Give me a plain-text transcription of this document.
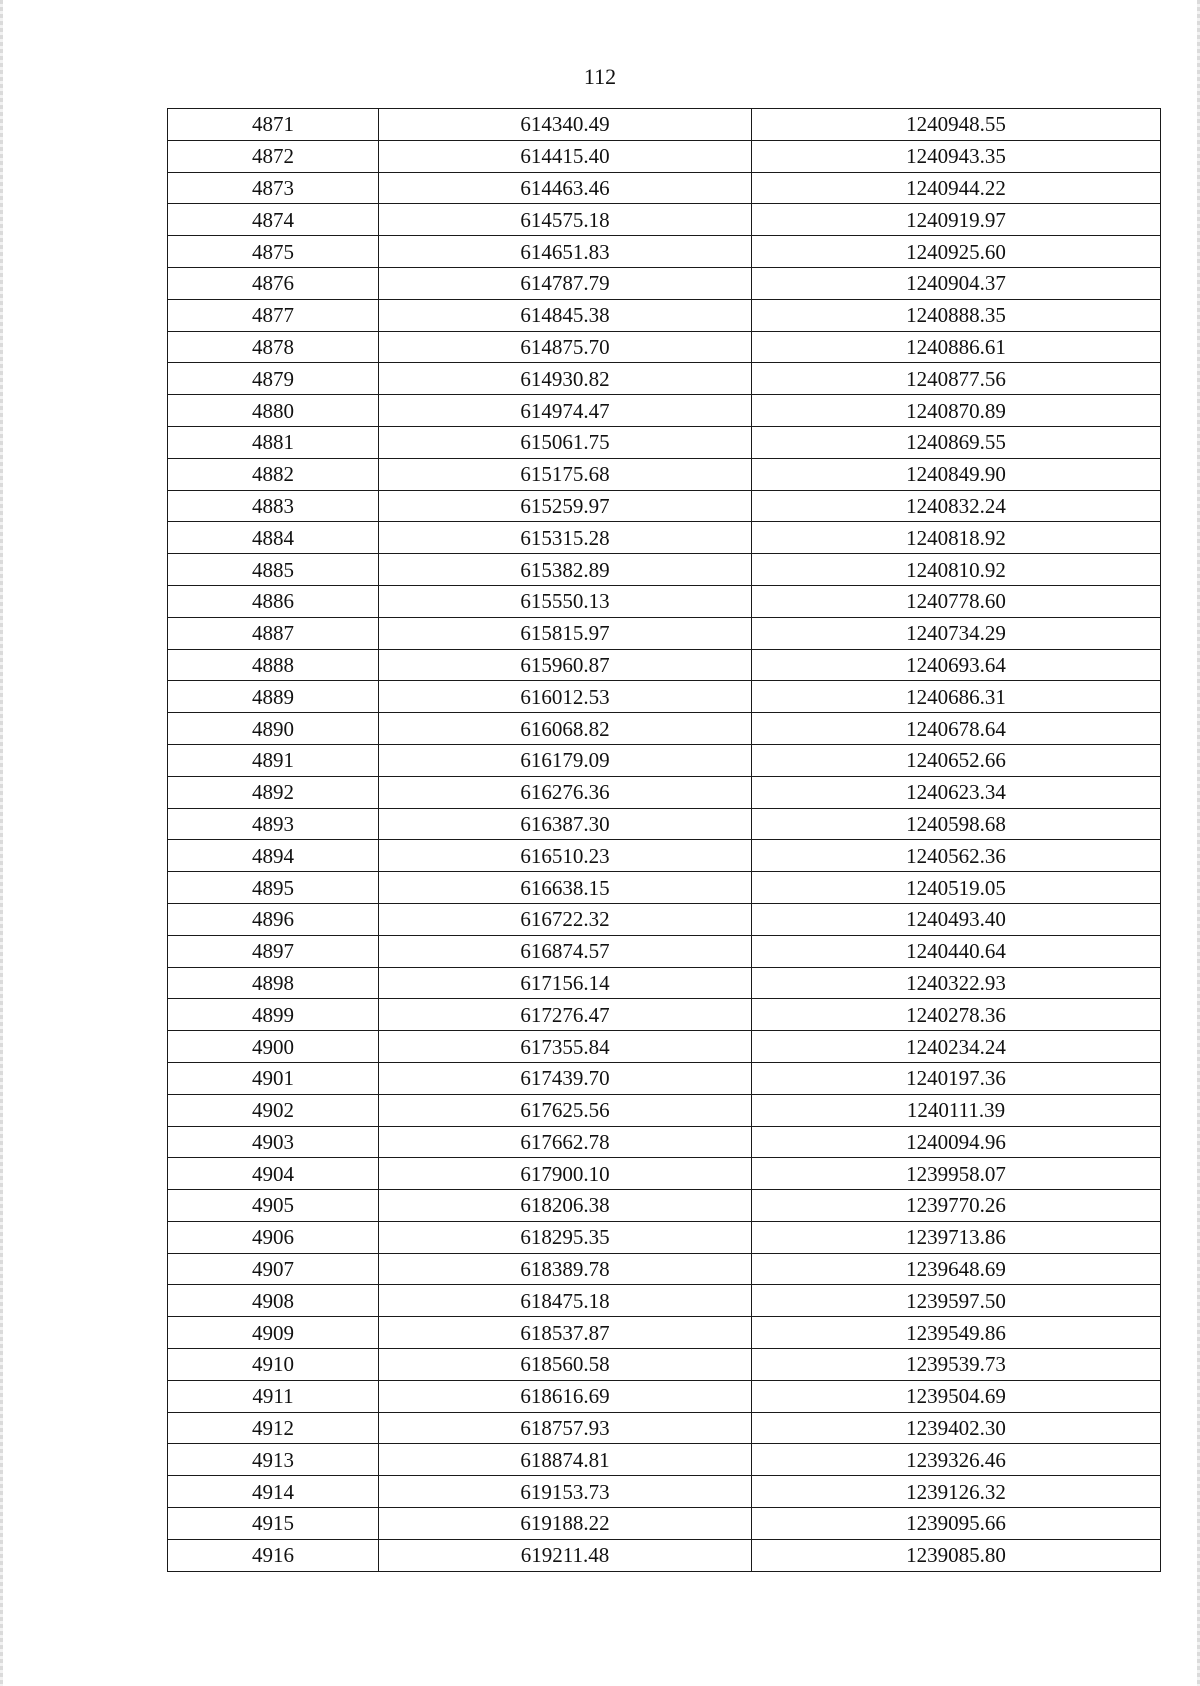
112
4871	614340.49	1240948.55
4872	614415.40	1240943.35
4873	614463.46	1240944.22
4874	614575.18	1240919.97
4875	614651.83	1240925.60
4876	614787.79	1240904.37
4877	614845.38	1240888.35
4878	614875.70	1240886.61
4879	614930.82	1240877.56
4880	614974.47	1240870.89
4881	615061.75	1240869.55
4882	615175.68	1240849.90
4883	615259.97	1240832.24
4884	615315.28	1240818.92
4885	615382.89	1240810.92
4886	615550.13	1240778.60
4887	615815.97	1240734.29
4888	615960.87	1240693.64
4889	616012.53	1240686.31
4890	616068.82	1240678.64
4891	616179.09	1240652.66
4892	616276.36	1240623.34
4893	616387.30	1240598.68
4894	616510.23	1240562.36
4895	616638.15	1240519.05
4896	616722.32	1240493.40
4897	616874.57	1240440.64
4898	617156.14	1240322.93
4899	617276.47	1240278.36
4900	617355.84	1240234.24
4901	617439.70	1240197.36
4902	617625.56	1240111.39
4903	617662.78	1240094.96
4904	617900.10	1239958.07
4905	618206.38	1239770.26
4906	618295.35	1239713.86
4907	618389.78	1239648.69
4908	618475.18	1239597.50
4909	618537.87	1239549.86
4910	618560.58	1239539.73
4911	618616.69	1239504.69
4912	618757.93	1239402.30
4913	618874.81	1239326.46
4914	619153.73	1239126.32
4915	619188.22	1239095.66
4916	619211.48	1239085.80
